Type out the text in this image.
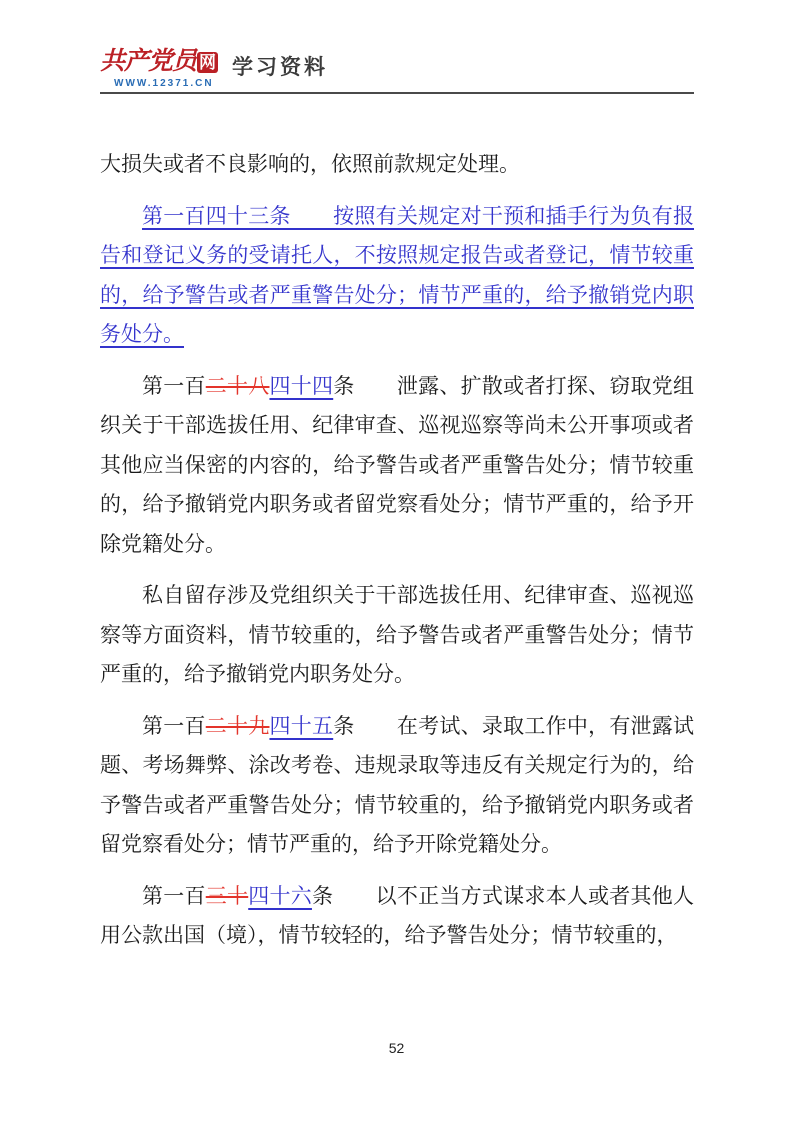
共产党员 网
WWW.12371.CN
学习资料

大损失或者不良影响的，依照前款规定处理。

第一百四十三条　　按照有关规定对干预和插手行为负有报告和登记义务的受请托人，不按照规定报告或者登记，情节较重的，给予警告或者严重警告处分；情节严重的，给予撤销党内职务处分。

第一百二十八四十四条　　泄露、扩散或者打探、窃取党组织关于干部选拔任用、纪律审查、巡视巡察等尚未公开事项或者其他应当保密的内容的，给予警告或者严重警告处分；情节较重的，给予撤销党内职务或者留党察看处分；情节严重的，给予开除党籍处分。

私自留存涉及党组织关于干部选拔任用、纪律审查、巡视巡察等方面资料，情节较重的，给予警告或者严重警告处分；情节严重的，给予撤销党内职务处分。

第一百二十九四十五条　　在考试、录取工作中，有泄露试题、考场舞弊、涂改考卷、违规录取等违反有关规定行为的，给予警告或者严重警告处分；情节较重的，给予撤销党内职务或者留党察看处分；情节严重的，给予开除党籍处分。

第一百三十四十六条　　以不正当方式谋求本人或者其他人用公款出国（境），情节较轻的，给予警告处分；情节较重的，

52
